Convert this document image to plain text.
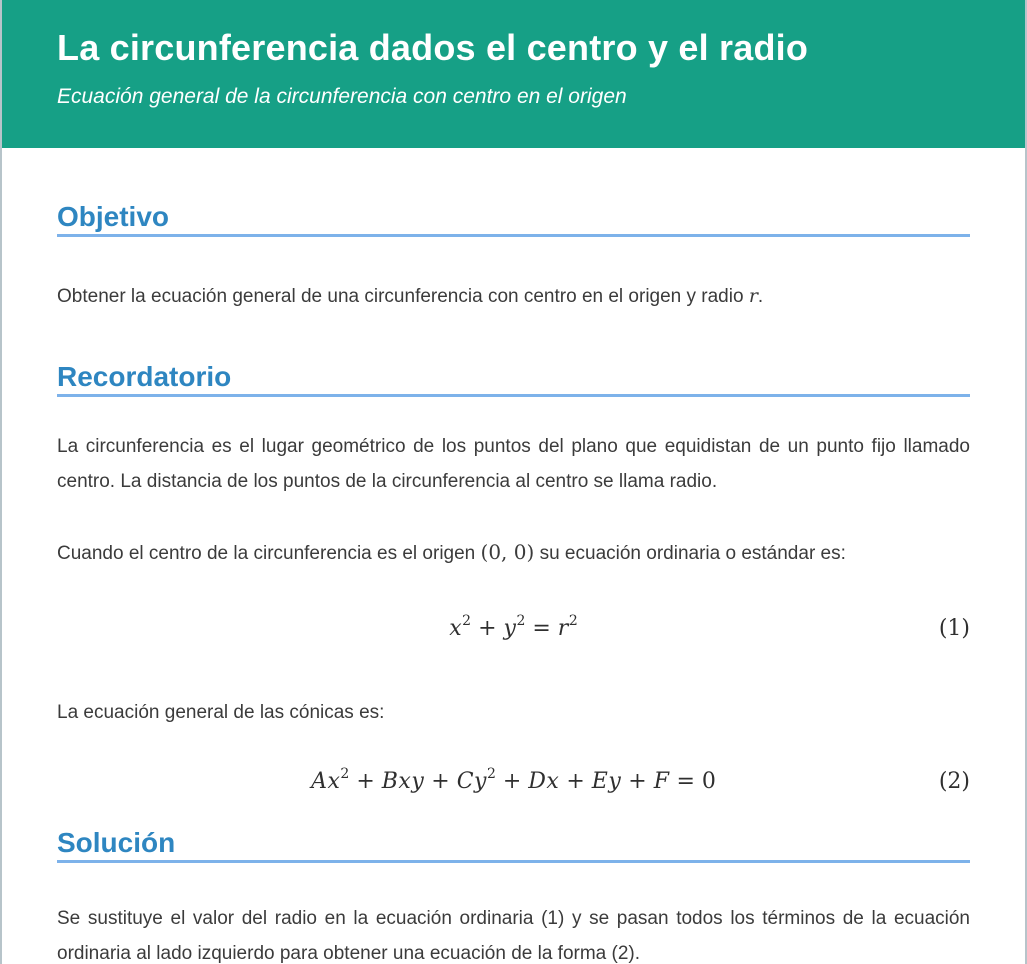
La circunferencia dados el centro y el radio

Ecuación general de la circunferencia con centro en el origen

Objetivo

Obtener la ecuación general de una circunferencia con centro en el origen y radio r.

Recordatorio

La circunferencia es el lugar geométrico de los puntos del plano que equidistan de un punto fijo llamado centro. La distancia de los puntos de la circunferencia al centro se llama radio.

Cuando el centro de la circunferencia es el origen (0, 0) su ecuación ordinaria o estándar es:

$x^2 + y^2 = r^2$	(1)

La ecuación general de las cónicas es:

$Ax^2$ + Bxy + $Cy^2 + Dx + Ey + F = 0$	(2)
Solución

Se sustituye el valor del radio en la ecuación ordinaria (1) y se pasan todos los términos de la ecuación ordinaria al lado izquierdo para obtener una ecuación de la forma (2).
